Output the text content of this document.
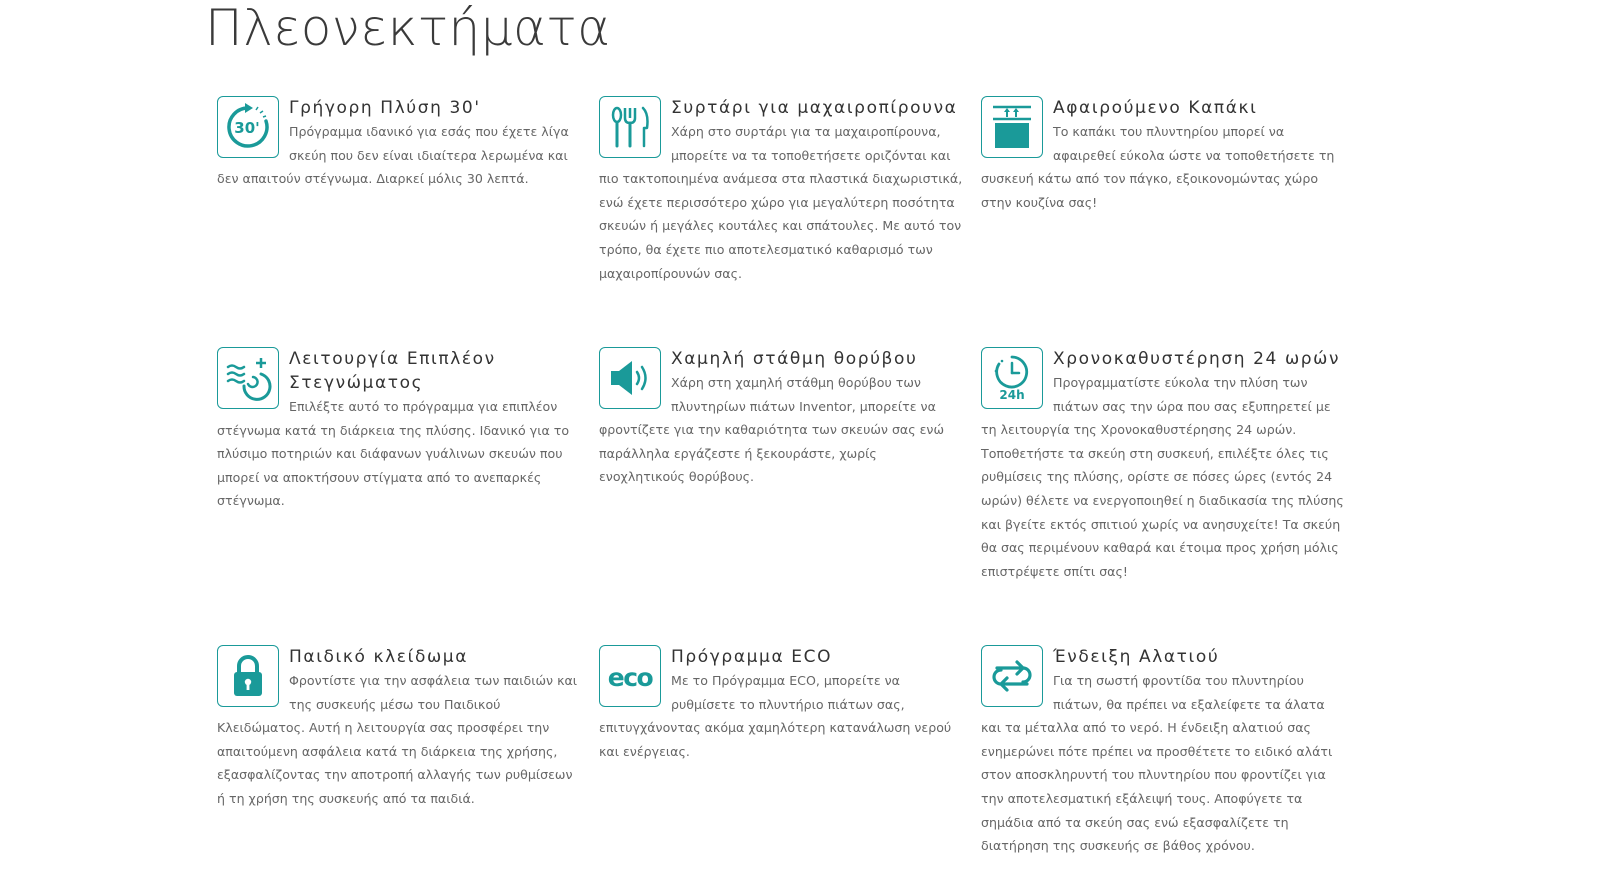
Πλεονεκτήματα
30'
Γρήγορη Πλύση 30'

Πρόγραμμα ιδανικό για εσάς που έχετε λίγα σκεύη που δεν είναι ιδιαίτερα λερωμένα και δεν απαιτούν στέγνωμα. Διαρκεί μόλις 30 λεπτά.

Συρτάρι για μαχαιροπίρουνα

Χάρη στο συρτάρι για τα μαχαιροπίρουνα, μπορείτε να τα τοποθετήσετε οριζόνται και πιο τακτοποιημένα ανάμεσα στα πλαστικά διαχωριστικά, ενώ έχετε περισσότερο χώρο για μεγαλύτερη ποσότητα σκευών ή μεγάλες κουτάλες και σπάτουλες. Με αυτό τον τρόπο, θα έχετε πιο αποτελεσματικό καθαρισμό των μαχαιροπίρουνών σας.

Αφαιρούμενο Καπάκι

Το καπάκι του πλυντηρίου μπορεί να αφαιρεθεί εύκολα ώστε να τοποθετήσετε τη συσκευή κάτω από τον πάγκο, εξοικονομώντας χώρο στην κουζίνα σας!

Λειτουργία Επιπλέον Στεγνώματος

Επιλέξτε αυτό το πρόγραμμα για επιπλέον στέγνωμα κατά τη διάρκεια της πλύσης. Ιδανικό για το πλύσιμο ποτηριών και διάφανων γυάλινων σκευών που μπορεί να αποκτήσουν στίγματα από το ανεπαρκές στέγνωμα.

Χαμηλή στάθμη θορύβου

Χάρη στη χαμηλή στάθμη θορύβου των πλυντηρίων πιάτων Inventor, μπορείτε να φροντίζετε για την καθαριότητα των σκευών σας ενώ παράλληλα εργάζεστε ή ξεκουράστε, χωρίς ενοχλητικούς θορύβους.

24h
Χρονοκαθυστέρηση 24 ωρών

Προγραμματίστε εύκολα την πλύση των πιάτων σας την ώρα που σας εξυπηρετεί με τη λειτουργία της Χρονοκαθυστέρησης 24 ωρών. Τοποθετήστε τα σκεύη στη συσκευή, επιλέξτε όλες τις ρυθμίσεις της πλύσης, ορίστε σε πόσες ώρες (εντός 24 ωρών) θέλετε να ενεργοποιηθεί η διαδικασία της πλύσης και βγείτε εκτός σπιτιού χωρίς να ανησυχείτε! Τα σκεύη θα σας περιμένουν καθαρά και έτοιμα προς χρήση μόλις επιστρέψετε σπίτι σας!

Παιδικό κλείδωμα

Φροντίστε για την ασφάλεια των παιδιών και της συσκευής μέσω του Παιδικού Κλειδώματος. Αυτή η λειτουργία σας προσφέρει την απαιτούμενη ασφάλεια κατά τη διάρκεια της χρήσης, εξασφαλίζοντας την αποτροπή αλλαγής των ρυθμίσεων ή τη χρήση της συσκευής από τα παιδιά.

eco
Πρόγραμμα ECO

Με το Πρόγραμμα ECO, μπορείτε να ρυθμίσετε το πλυντήριο πιάτων σας, επιτυγχάνοντας ακόμα χαμηλότερη κατανάλωση νερού και ενέργειας.

Ένδειξη Αλατιού

Για τη σωστή φροντίδα του πλυντηρίου πιάτων, θα πρέπει να εξαλείφετε τα άλατα και τα μέταλλα από το νερό. Η ένδειξη αλατιού σας ενημερώνει πότε πρέπει να προσθέτετε το ειδικό αλάτι στον αποσκληρυντή του πλυντηρίου που φροντίζει για την αποτελεσματική εξάλειψή τους. Αποφύγετε τα σημάδια από τα σκεύη σας ενώ εξασφαλίζετε τη διατήρηση της συσκευής σε βάθος χρόνου.
